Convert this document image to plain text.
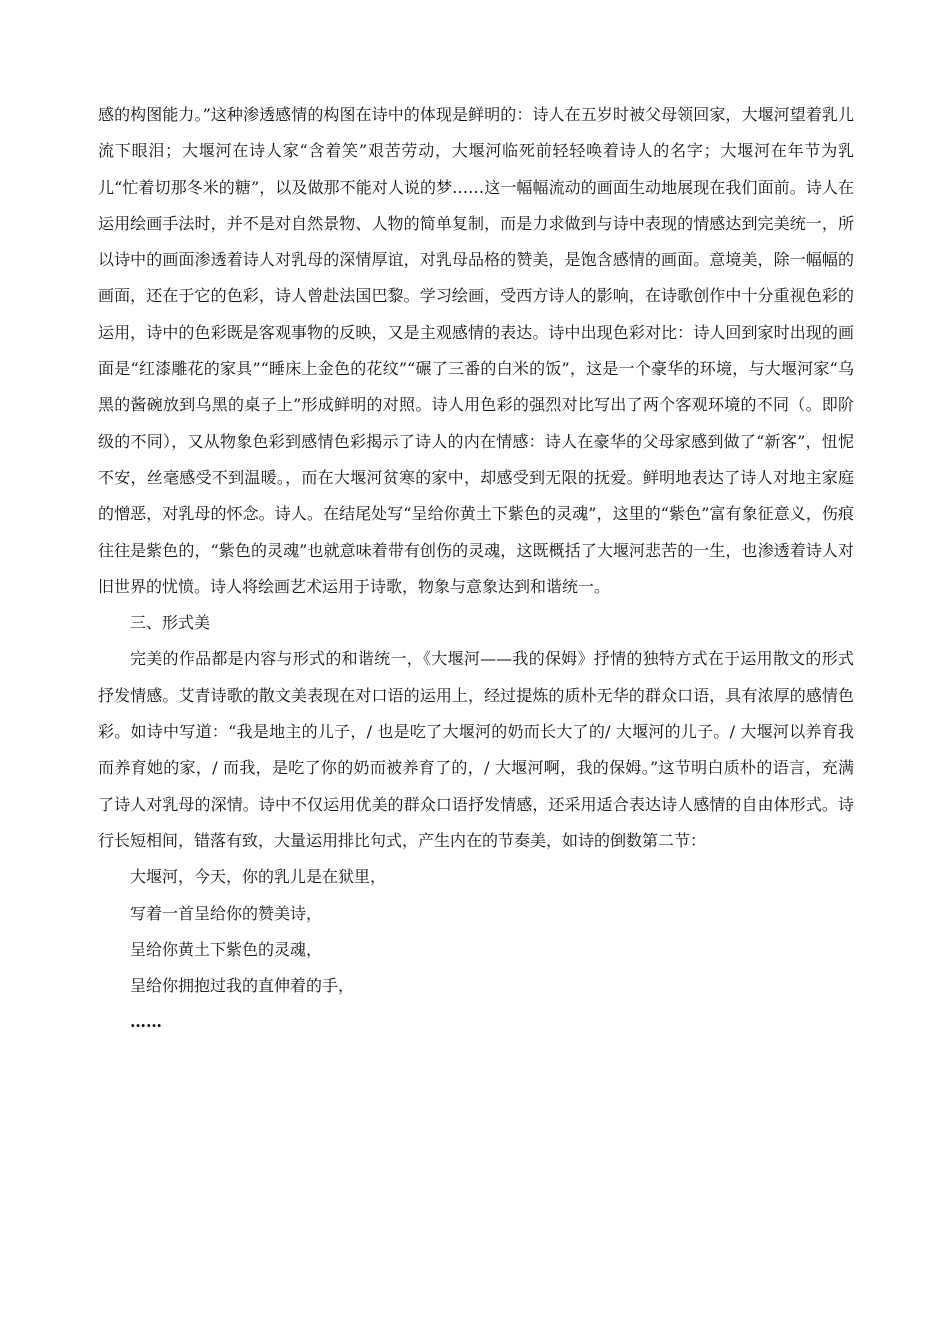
感的构图能力。”这种渗透感情的构图在诗中的体现是鲜明的：诗人在五岁时被父母领回家，大堰河望着乳儿流下眼泪；大堰河在诗人家“含着笑”艰苦劳动，大堰河临死前轻轻唤着诗人的名字；大堰河在年节为乳儿“忙着切那冬米的糖”，以及做那不能对人说的梦……这一幅幅流动的画面生动地展现在我们面前。诗人在运用绘画手法时，并不是对自然景物、人物的简单复制，而是力求做到与诗中表现的情感达到完美统一，所以诗中的画面渗透着诗人对乳母的深情厚谊，对乳母品格的赞美，是饱含感情的画面。意境美，除一幅幅的画面，还在于它的色彩，诗人曾赴法国巴黎。学习绘画，受西方诗人的影响，在诗歌创作中十分重视色彩的运用，诗中的色彩既是客观事物的反映，又是主观感情的表达。诗中出现色彩对比：诗人回到家时出现的画面是“红漆雕花的家具”“睡床上金色的花纹”“碾了三番的白米的饭”，这是一个豪华的环境，与大堰河家“乌黑的酱碗放到乌黑的桌子上”形成鲜明的对照。诗人用色彩的强烈对比写出了两个客观环境的不同（。即阶级的不同），又从物象色彩到感情色彩揭示了诗人的内在情感：诗人在豪华的父母家感到做了“新客”，忸怩不安，丝毫感受不到温暖。，而在大堰河贫寒的家中，却感受到无限的抚爱。鲜明地表达了诗人对地主家庭的憎恶，对乳母的怀念。诗人。在结尾处写“呈给你黄土下紫色的灵魂”，这里的“紫色”富有象征意义，伤痕往往是紫色的，“紫色的灵魂”也就意味着带有创伤的灵魂，这既概括了大堰河悲苦的一生，也渗透着诗人对旧世界的忧愤。诗人将绘画艺术运用于诗歌，物象与意象达到和谐统一。

三、形式美

完美的作品都是内容与形式的和谐统一，《大堰河——我的保姆》抒情的独特方式在于运用散文的形式抒发情感。艾青诗歌的散文美表现在对口语的运用上，经过提炼的质朴无华的群众口语，具有浓厚的感情色彩。如诗中写道：“我是地主的儿子，/ 也是吃了大堰河的奶而长大了的/ 大堰河的儿子。/ 大堰河以养育我而养育她的家，/ 而我，是吃了你的奶而被养育了的，/ 大堰河啊，我的保姆。”这节明白质朴的语言，充满了诗人对乳母的深情。诗中不仅运用优美的群众口语抒发情感，还采用适合表达诗人感情的自由体形式。诗行长短相间，错落有致，大量运用排比句式，产生内在的节奏美，如诗的倒数第二节：

大堰河，今天，你的乳儿是在狱里，
写着一首呈给你的赞美诗，
呈给你黄土下紫色的灵魂，
呈给你拥抱过我的直伸着的手，
……
